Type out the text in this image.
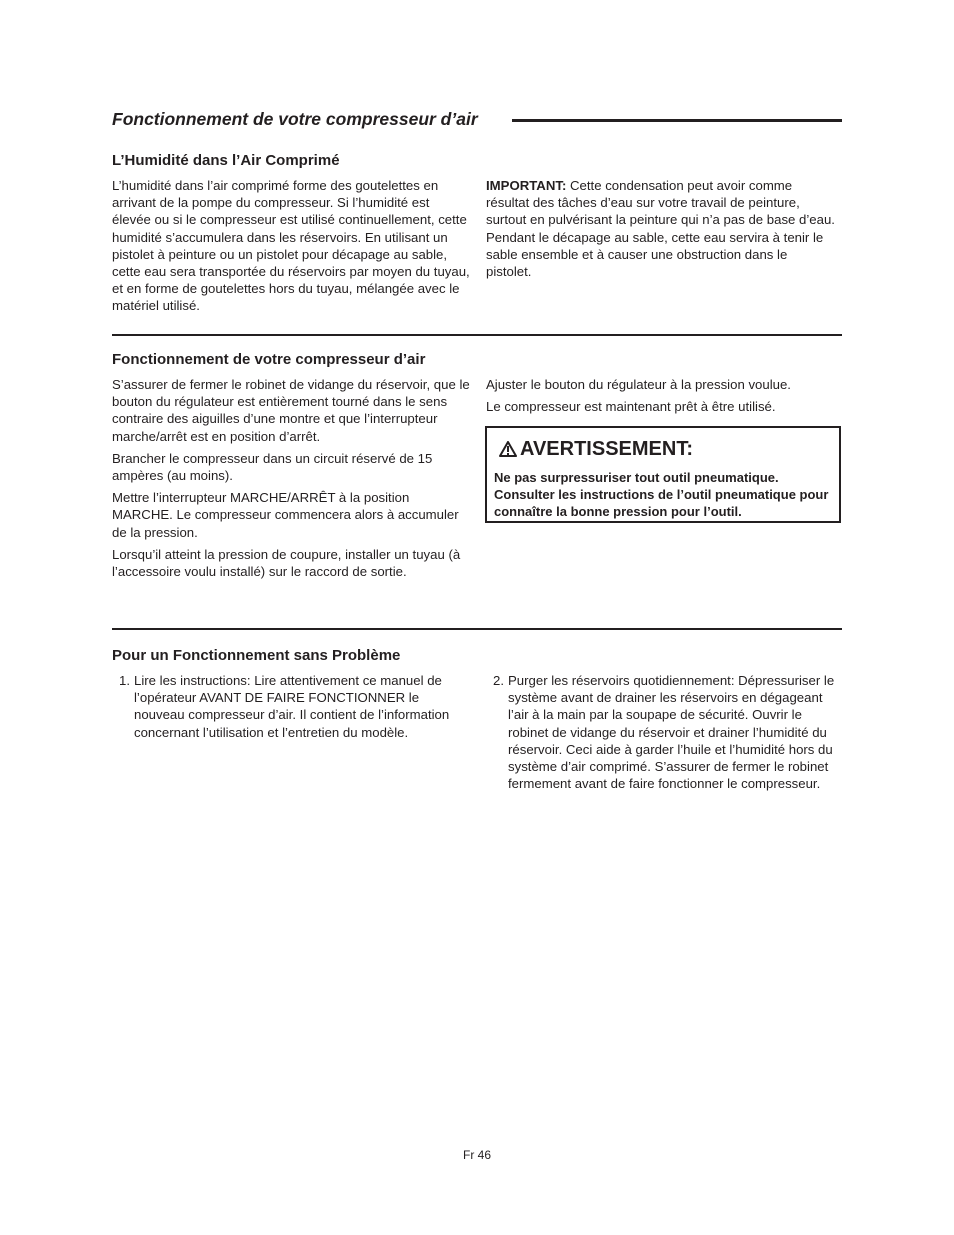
Fonctionnement de votre compresseur d’air
L’Humidité dans l’Air Comprimé

L’humidité dans l’air comprimé forme des goutelettes en arrivant de la pompe du compresseur. Si l’humidité est élevée ou si le compresseur est utilisé continuellement, cette humidité s’accumulera dans les réservoirs. En utilisant un pistolet à peinture ou un pistolet pour décapage au sable, cette eau sera transportée du réservoirs par moyen du tuyau, et en forme de goutelettes hors du tuyau, mélangée avec le matériel utilisé.

IMPORTANT: Cette condensation peut avoir comme résultat des tâches d’eau sur votre travail de peinture, surtout en pulvérisant la peinture qui n’a pas de base d’eau. Pendant le décapage au sable, cette eau servira à tenir le sable ensemble et à causer une obstruction dans le pistolet.

Fonctionnement de votre compresseur d’air

S’assurer de fermer le robinet de vidange du réservoir, que le bouton du régulateur est entièrement tourné dans le sens contraire des aiguilles d’une montre et que l’interrupteur marche/arrêt est en position d’arrêt.

Brancher le compresseur dans un circuit réservé de 15 ampères (au moins).

Mettre l’interrupteur MARCHE/ARRÊT à la position MARCHE. Le compresseur commencera alors à accumuler de la pression.

Lorsqu’il atteint la pression de coupure, installer un tuyau (à l’accessoire voulu installé) sur le raccord de sortie.

Ajuster le bouton du régulateur à la pression voulue.

Le compresseur est maintenant prêt à être utilisé.

AVERTISSEMENT:
Ne pas surpressuriser tout outil pneumatique. Consulter les instructions de l’outil pneumatique pour connaître la bonne pression pour l’outil.
Pour un Fonctionnement sans Problème
1. Lire les instructions: Lire attentivement ce manuel de l’opérateur AVANT DE FAIRE FONCTIONNER le nouveau compresseur d’air. Il contient de l’information concernant l’utilisation et l’entretien du modèle.
2. Purger les réservoirs quotidiennement: Dépressuriser le système avant de drainer les réservoirs en dégageant l’air à la main par la soupape de sécurité. Ouvrir le robinet de vidange du réservoir et drainer l’humidité du réservoir. Ceci aide à garder l’huile et l’humidité hors du système d’air comprimé. S’assurer de fermer le robinet fermement avant de faire fonctionner le compresseur.
Fr 46
